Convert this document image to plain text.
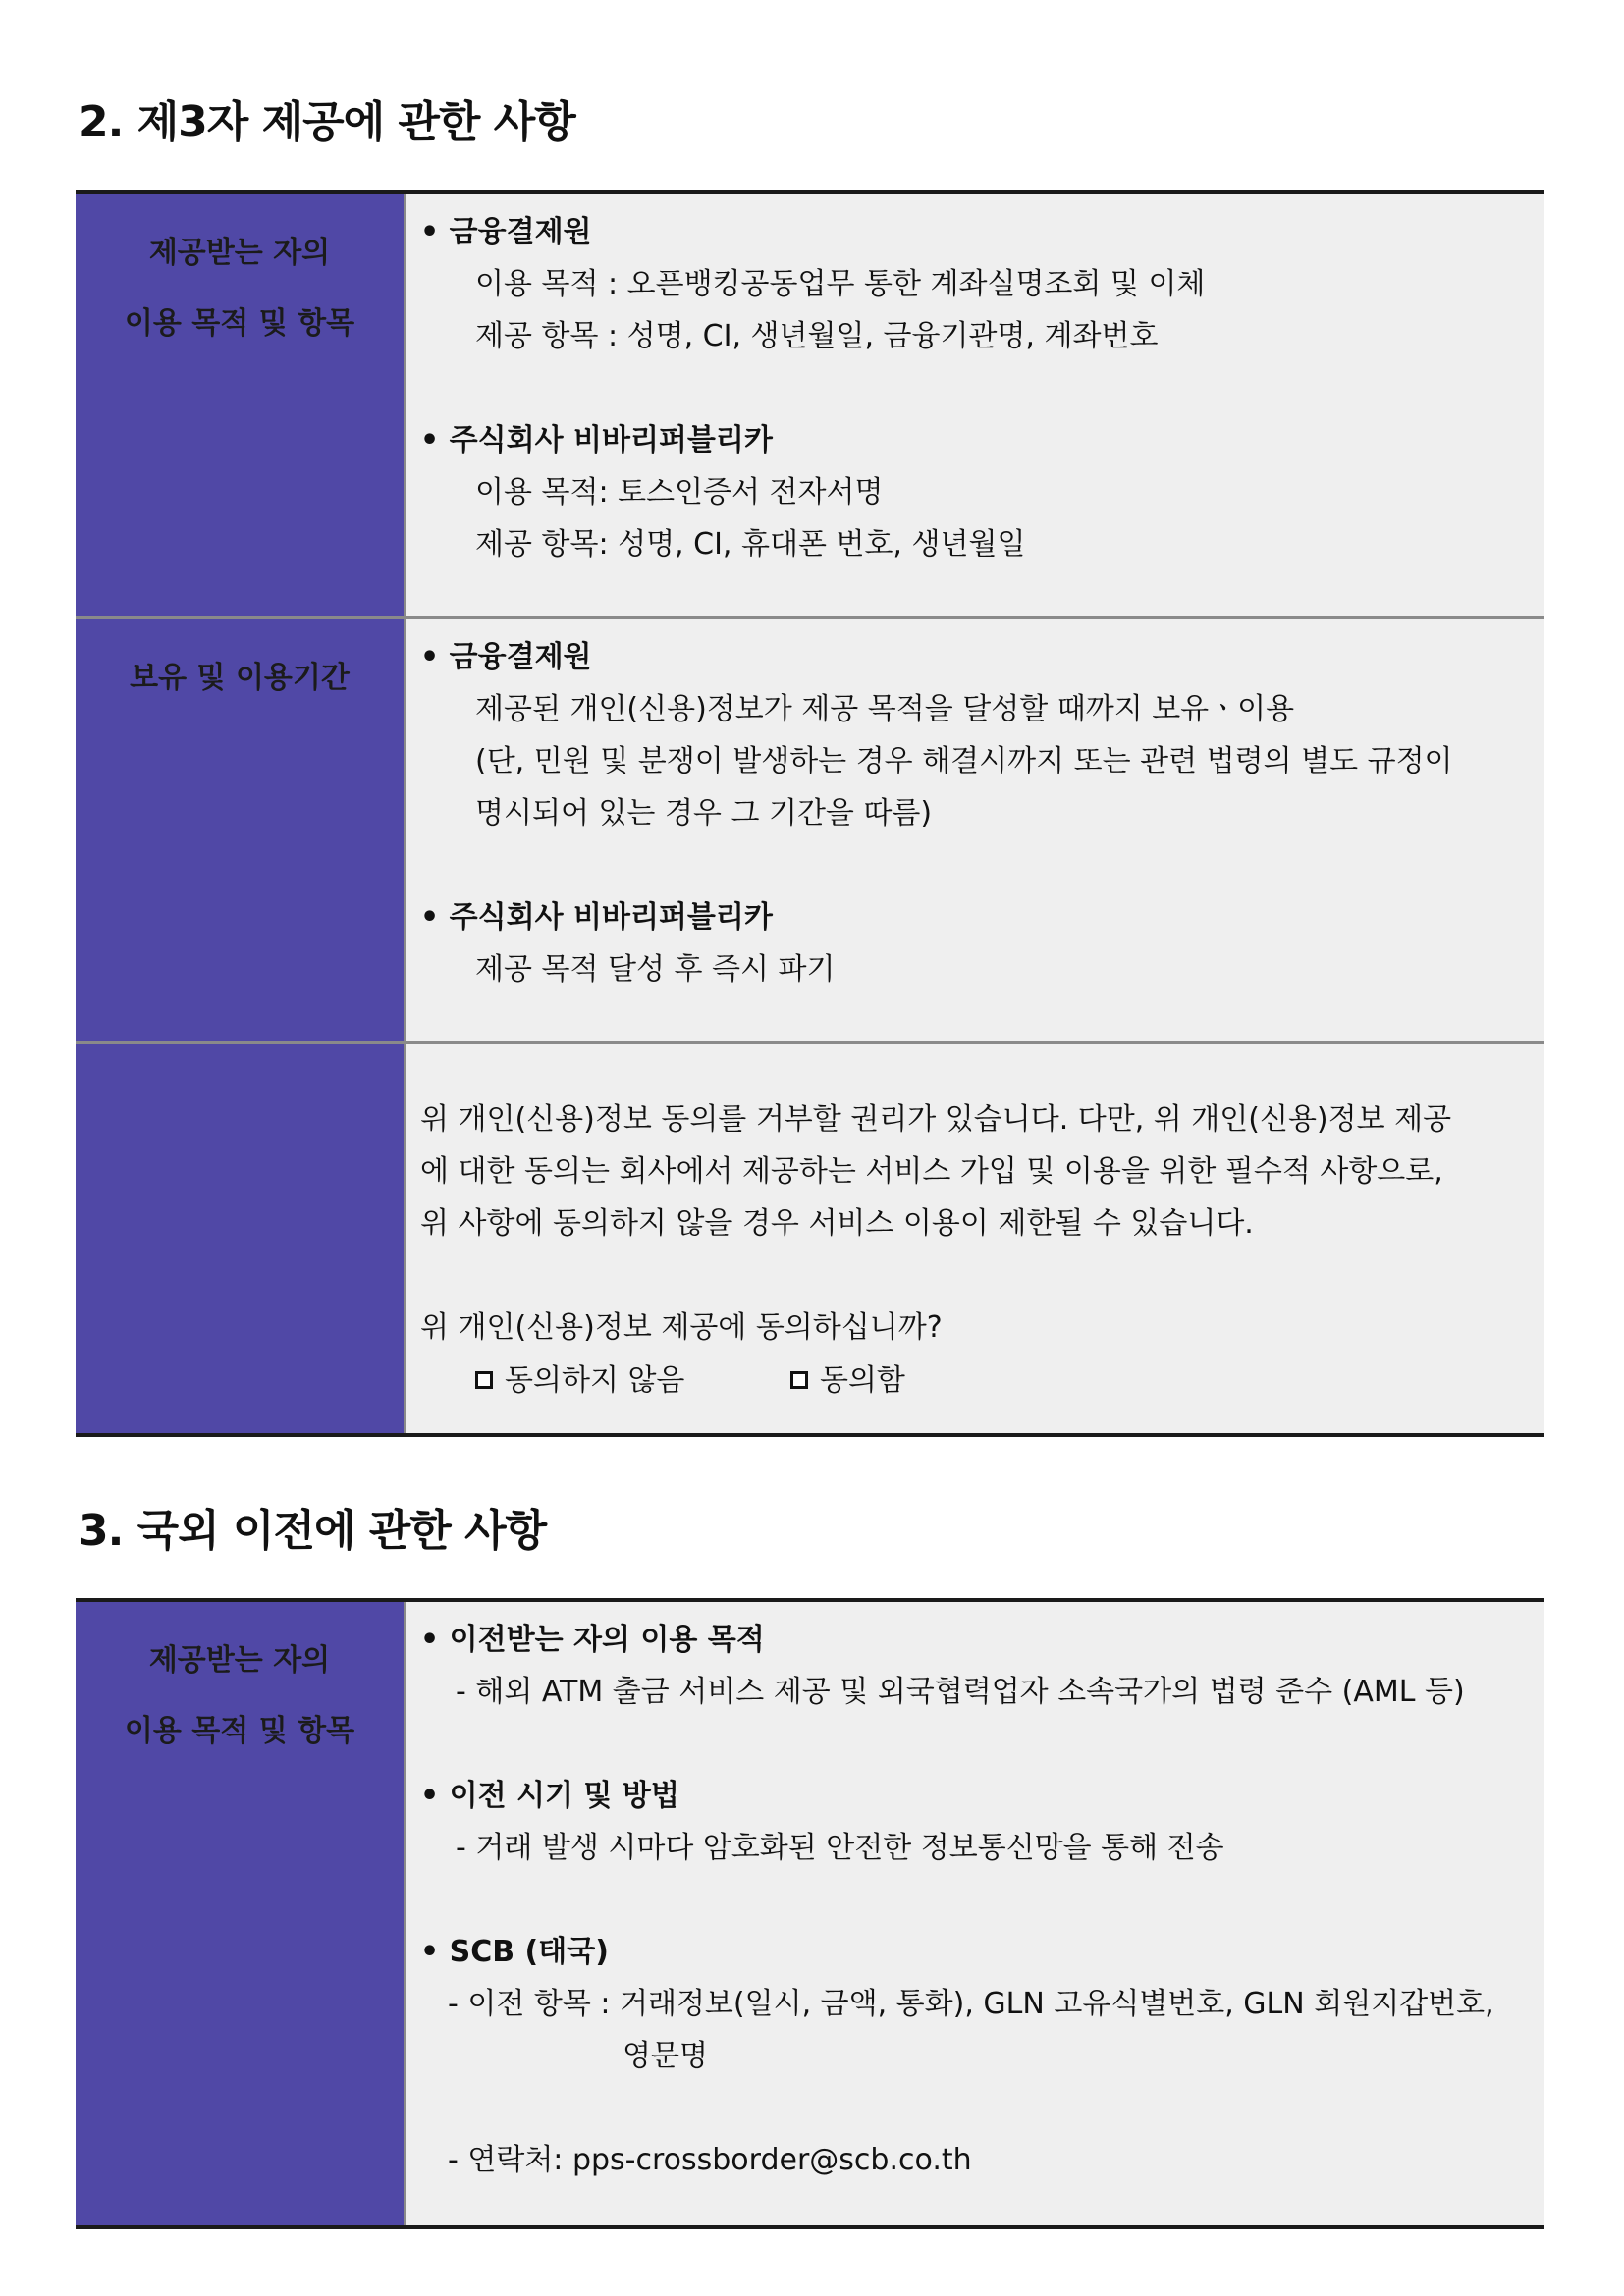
2. 제3자 제공에 관한 사항
제공받는 자의
이용 목적 및 항목
• 금융결제원
이용 목적 : 오픈뱅킹공동업무 통한 계좌실명조회 및 이체
제공 항목 : 성명, CI, 생년월일, 금융기관명, 계좌번호
• 주식회사 비바리퍼블리카
이용 목적: 토스인증서 전자서명
제공 항목: 성명, CI, 휴대폰 번호, 생년월일
보유 및 이용기간
• 금융결제원
제공된 개인(신용)정보가 제공 목적을 달성할 때까지 보유ㆍ이용
(단, 민원 및 분쟁이 발생하는 경우 해결시까지 또는 관련 법령의 별도 규정이
명시되어 있는 경우 그 기간을 따름)
• 주식회사 비바리퍼블리카
제공 목적 달성 후 즉시 파기
위 개인(신용)정보 동의를 거부할 권리가 있습니다. 다만, 위 개인(신용)정보 제공
에 대한 동의는 회사에서 제공하는 서비스 가입 및 이용을 위한 필수적 사항으로,
위 사항에 동의하지 않을 경우 서비스 이용이 제한될 수 있습니다.
위 개인(신용)정보 제공에 동의하십니까?
동의하지 않음
	동의함
3. 국외 이전에 관한 사항
제공받는 자의
이용 목적 및 항목
• 이전받는 자의 이용 목적
- 해외 ATM 출금 서비스 제공 및 외국협력업자 소속국가의 법령 준수 (AML 등)
• 이전 시기 및 방법
- 거래 발생 시마다 암호화된 안전한 정보통신망을 통해 전송
• SCB (태국)
- 이전 항목 : 거래정보(일시, 금액, 통화), GLN 고유식별번호, GLN 회원지갑번호,
영문명
- 연락처: pps-crossborder@scb.co.th
